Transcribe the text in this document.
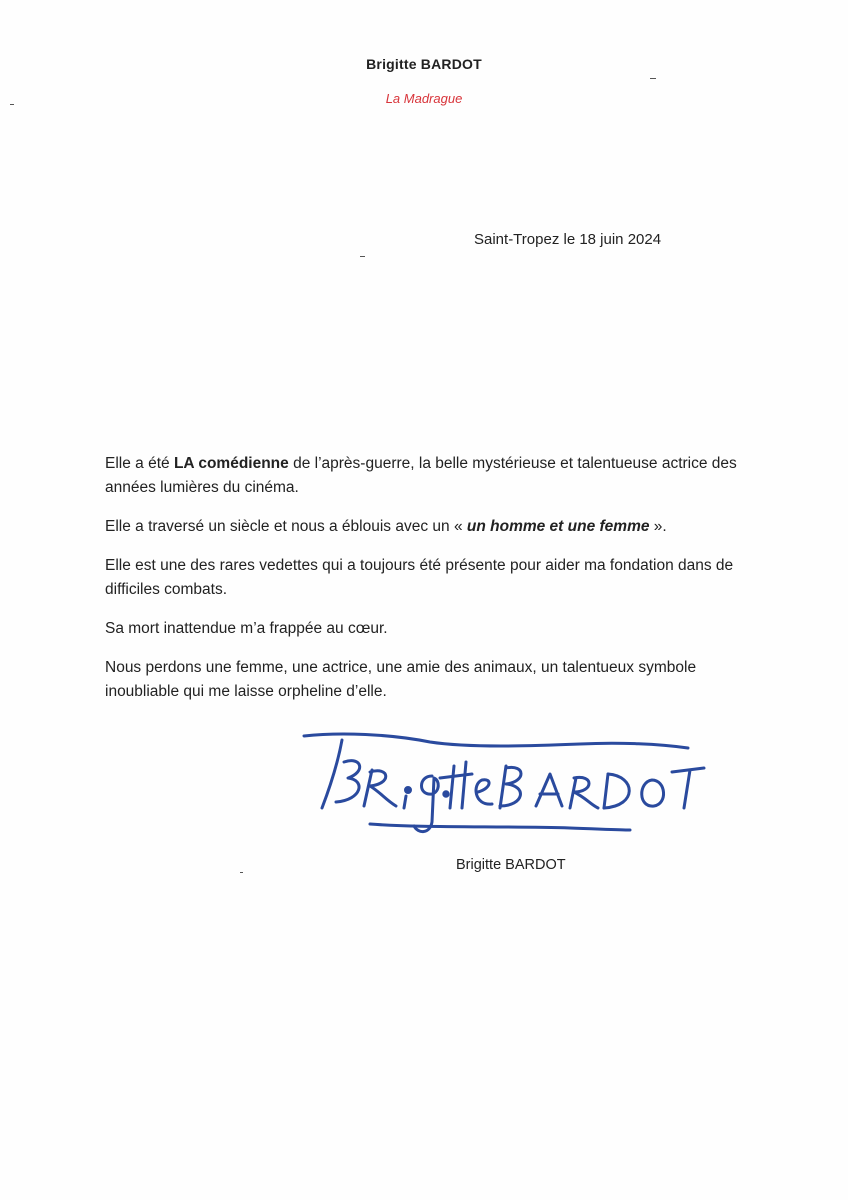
Brigitte BARDOT
La Madrague
Saint-Tropez le 18 juin 2024

Elle a été LA comédienne de l’après-guerre, la belle mystérieuse et talentueuse actrice des années lumières du cinéma.

Elle a traversé un siècle et nous a éblouis avec un « un homme et une femme ».

Elle est une des rares vedettes qui a toujours été présente pour aider ma fondation dans de difficiles combats.

Sa mort inattendue m’a frappée au cœur.

Nous perdons une femme, une actrice, une amie des animaux, un talentueux symbole inoubliable qui me laisse orpheline d’elle.

Brigitte BARDOT
